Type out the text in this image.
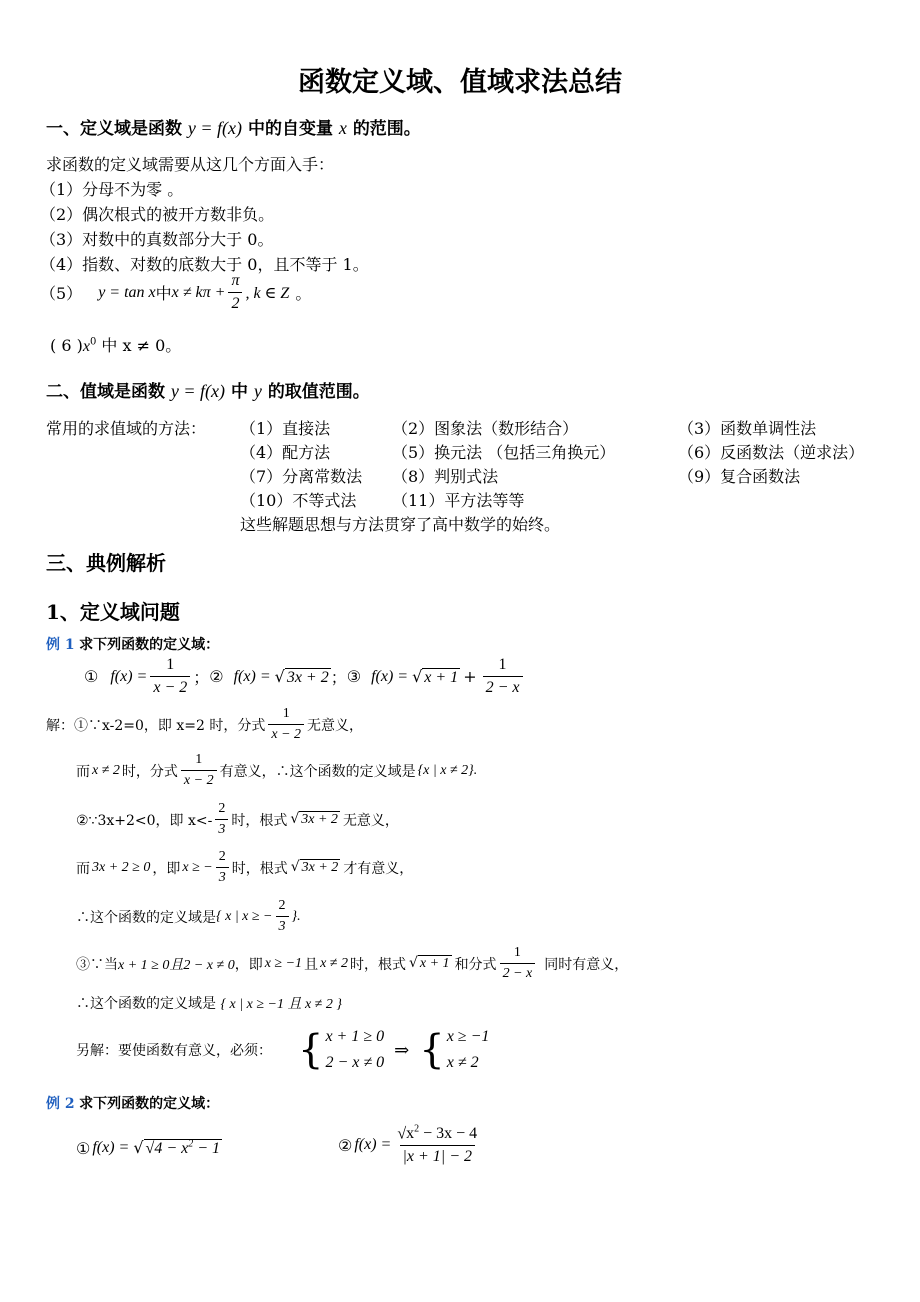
函数定义域、值域求法总结
一、定义域是函数 y = f(x) 中的自变量 x 的范围。
求函数的定义域需要从这几个方面入手：
（1）分母不为零 。
（2）偶次根式的被开方数非负。
（3）对数中的真数部分大于 0。
（4）指数、对数的底数大于 0，且不等于 1。
（5） y = tan x 中 $x \ne k\pi + \frac{\pi}{2}$ , k ∈ Z 。
( 6 )$x^0$ 中 x ≠ 0。
二、值域是函数 y = f(x) 中 y 的取值范围。
常用的求值域的方法： （1）直接法	（2）图象法（数形结合）	（3）函数单调性法
（4）配方法	（5）换元法 （包括三角换元）	（6）反函数法（逆求法）
（7）分离常数法 （8）判别式法	（9）复合函数法
（10）不等式法 （11）平方法等等
这些解题思想与方法贯穿了高中数学的始终。
三、典例解析
1、定义域问题
例 1 求下列函数的定义域：
① $f(x) = \frac{1}{x - 2}$ ； ② f(x) = √ 3x + 2 ； ③ f(x) = √ $x + 1 + \frac{1}{2 - x}$
解：①∵x-2=0，即 x=2 时，分式 $\frac{1}{x - 2}$ 无意义，
而 x ≠ 2 时，分式 $\frac{1}{x - 2}$ 有意义，∴这个函数的定义域是 {x | x ≠ 2}.
②∵3x+2<0，即 $x<- \frac{2}{3}$ 时，根式 √ 3x + 2 无意义，
而 3x + 2 ≥ 0 ，即 x ≥ − $\frac{2}{3}$ 时，根式 √ 3x + 2 才有意义，
∴这个函数的定义域是 { x | x ≥ − $\frac{2}{3}$ }.
③∵当 x + 1 ≥ 0且2 − x ≠ 0 ，即 x ≥ −1 且 x ≠ 2 时，根式 √ x + 1 和分式 $\frac{1}{2 - x}$ 同时有意义，
∴这个函数的定义域是 { x | x ≥ −1 且 x ≠ 2 }
另解：要使函数有意义，必须： { x + 1 ≥ 0
2 − x ≠ 0
⇒ { x ≥ −1
x ≠ 2
例 2 求下列函数的定义域：
① f(x) = √ $√4 - x^2 - 1$	② $f(x) = \frac{√x^2 - 3x - 4}{|x + 1| - 2}$
